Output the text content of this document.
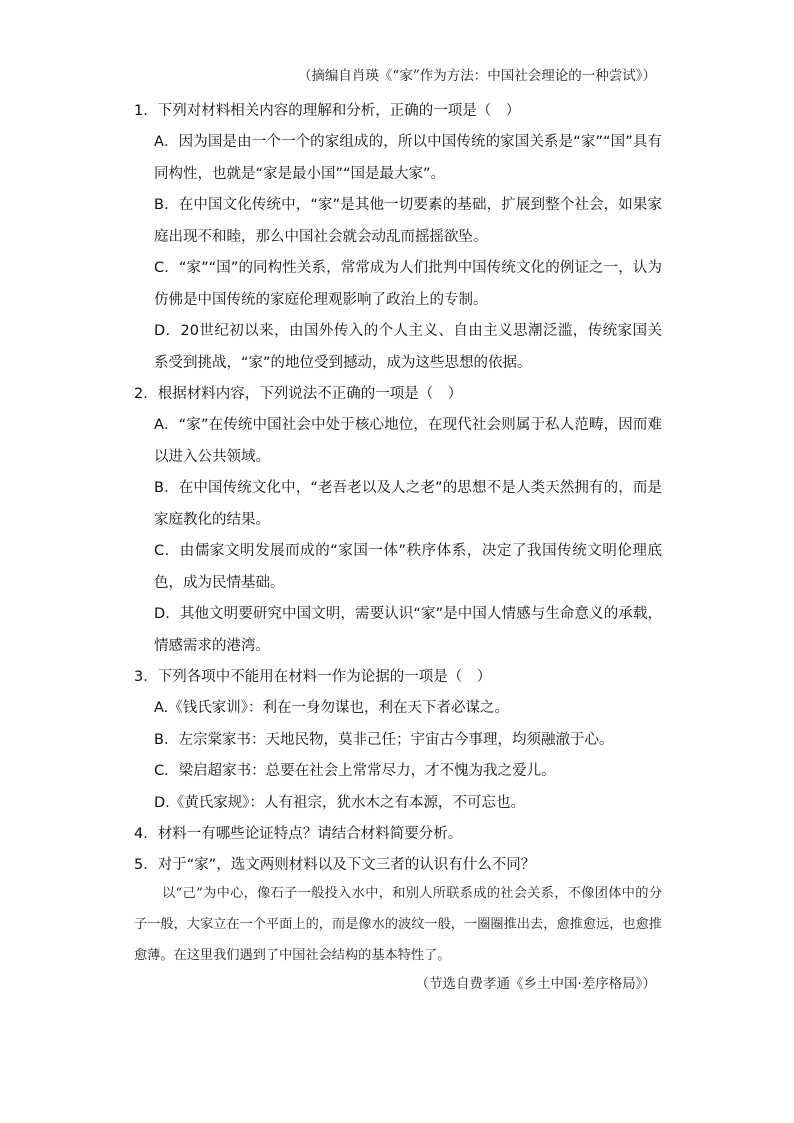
（摘编自肖瑛《“家”作为方法：中国社会理论的一种尝试》）
1．下列对材料相关内容的理解和分析，正确的一项是（　）
A．因为国是由一个一个的家组成的，所以中国传统的家国关系是“家”“国”具有同构性，也就是“家是最小国”“国是最大家”。
B．在中国文化传统中，“家”是其他一切要素的基础，扩展到整个社会，如果家庭出现不和睦，那么中国社会就会动乱而摇摇欲坠。
C．“家”“国”的同构性关系，常常成为人们批判中国传统文化的例证之一，认为仿佛是中国传统的家庭伦理观影响了政治上的专制。
D．20世纪初以来，由国外传入的个人主义、自由主义思潮泛滥，传统家国关系受到挑战，“家”的地位受到撼动，成为这些思想的依据。
2．根据材料内容，下列说法不正确的一项是（　）
A．“家”在传统中国社会中处于核心地位，在现代社会则属于私人范畴，因而难以进入公共领域。
B．在中国传统文化中，“老吾老以及人之老”的思想不是人类天然拥有的，而是家庭教化的结果。
C．由儒家文明发展而成的“家国一体”秩序体系，决定了我国传统文明伦理底色，成为民情基础。
D．其他文明要研究中国文明，需要认识“家”是中国人情感与生命意义的承载，情感需求的港湾。
3．下列各项中不能用在材料一作为论据的一项是（　）
A.《钱氏家训》：利在一身勿谋也，利在天下者必谋之。
B．左宗棠家书：天地民物，莫非己任；宇宙古今事理，均须融澈于心。
C．梁启超家书：总要在社会上常常尽力，才不愧为我之爱儿。
D.《黄氏家规》：人有祖宗，犹水木之有本源，不可忘也。
4．材料一有哪些论证特点？请结合材料简要分析。
5．对于“家”，选文两则材料以及下文三者的认识有什么不同？
以“己”为中心，像石子一般投入水中，和别人所联系成的社会关系，不像团体中的分子一般，大家立在一个平面上的，而是像水的波纹一般，一圈圈推出去，愈推愈远，也愈推愈薄。在这里我们遇到了中国社会结构的基本特性了。
（节选自费孝通《乡土中国·差序格局》）
